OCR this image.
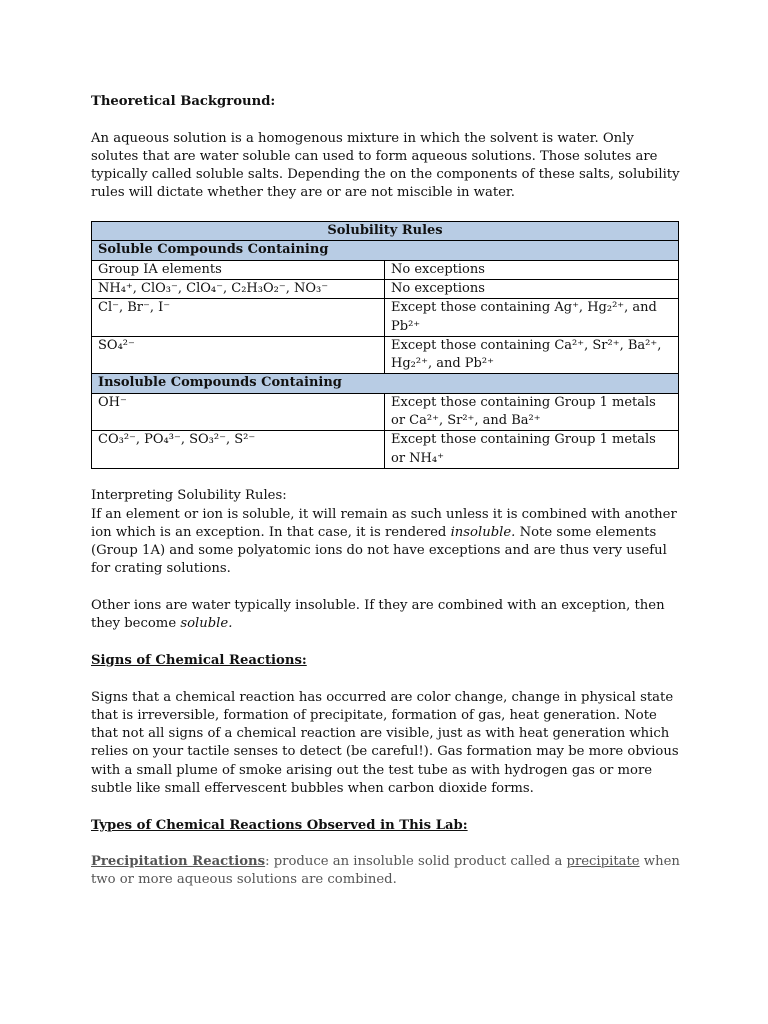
Theoretical Background:

An aqueous solution is a homogenous mixture in which the solvent is water. Only solutes that are water soluble can used to form aqueous solutions. Those solutes are typically called soluble salts. Depending the on the components of these salts, solubility rules will dictate whether they are or are not miscible in water.

Solubility Rules	
Soluble Compounds Containing	
Group IA elements	No exceptions
NH₄⁺, ClO₃⁻, ClO₄⁻, C₂H₃O₂⁻, NO₃⁻	No exceptions
Cl⁻, Br⁻, I⁻	Except those containing Ag⁺, Hg₂²⁺, and Pb²⁺
SO₄²⁻	Except those containing Ca²⁺, Sr²⁺, Ba²⁺, Hg₂²⁺, and Pb²⁺
Insoluble Compounds Containing	
OH⁻	Except those containing Group 1 metals or Ca²⁺, Sr²⁺, and Ba²⁺
CO₃²⁻, PO₄³⁻, SO₃²⁻, S²⁻	Except those containing Group 1 metals or NH₄⁺

Interpreting Solubility Rules:

If an element or ion is soluble, it will remain as such unless it is combined with another ion which is an exception. In that case, it is rendered insoluble. Note some elements (Group 1A) and some polyatomic ions do not have exceptions and are thus very useful for crating solutions.

Other ions are water typically insoluble. If they are combined with an exception, then they become soluble.

Signs of Chemical Reactions:

Signs that a chemical reaction has occurred are color change, change in physical state that is irreversible, formation of precipitate, formation of gas, heat generation. Note that not all signs of a chemical reaction are visible, just as with heat generation which relies on your tactile senses to detect (be careful!). Gas formation may be more obvious with a small plume of smoke arising out the test tube as with hydrogen gas or more subtle like small effervescent bubbles when carbon dioxide forms.

Types of Chemical Reactions Observed in This Lab:

Precipitation Reactions: produce an insoluble solid product called a precipitate when two or more aqueous solutions are combined.
